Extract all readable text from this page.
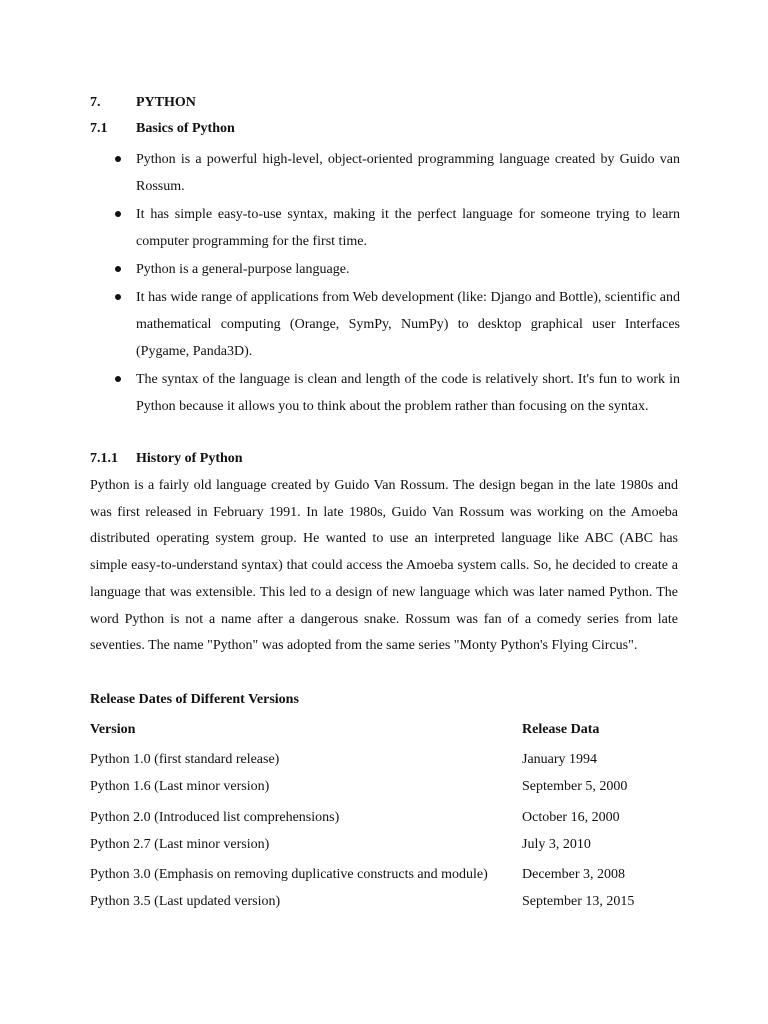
7.	PYTHON
7.1 Basics of Python
Python is a powerful high-level, object-oriented programming language created by Guido van Rossum.
It has simple easy-to-use syntax, making it the perfect language for someone trying to learn computer programming for the first time.
Python is a general-purpose language.
It has wide range of applications from Web development (like: Django and Bottle), scientific and mathematical computing (Orange, SymPy, NumPy) to desktop graphical user Interfaces (Pygame, Panda3D).
The syntax of the language is clean and length of the code is relatively short. It's fun to work in Python because it allows you to think about the problem rather than focusing on the syntax.
7.1.1 History of Python

Python is a fairly old language created by Guido Van Rossum. The design began in the late 1980s and was first released in February 1991. In late 1980s, Guido Van Rossum was working on the Amoeba distributed operating system group. He wanted to use an interpreted language like ABC (ABC has simple easy-to-understand syntax) that could access the Amoeba system calls. So, he decided to create a language that was extensible. This led to a design of new language which was later named Python. The word Python is not a name after a dangerous snake. Rossum was fan of a comedy series from late seventies. The name "Python" was adopted from the same series "Monty Python's Flying Circus".

Release Dates of Different Versions
Version	Release Data
Python 1.0 (first standard release)	January 1994
Python 1.6 (Last minor version)	September 5, 2000
Python 2.0 (Introduced list comprehensions)	October 16, 2000
Python 2.7 (Last minor version)	July 3, 2010
Python 3.0 (Emphasis on removing duplicative constructs and module) December 3, 2008
Python 3.5 (Last updated version)	September 13, 2015
